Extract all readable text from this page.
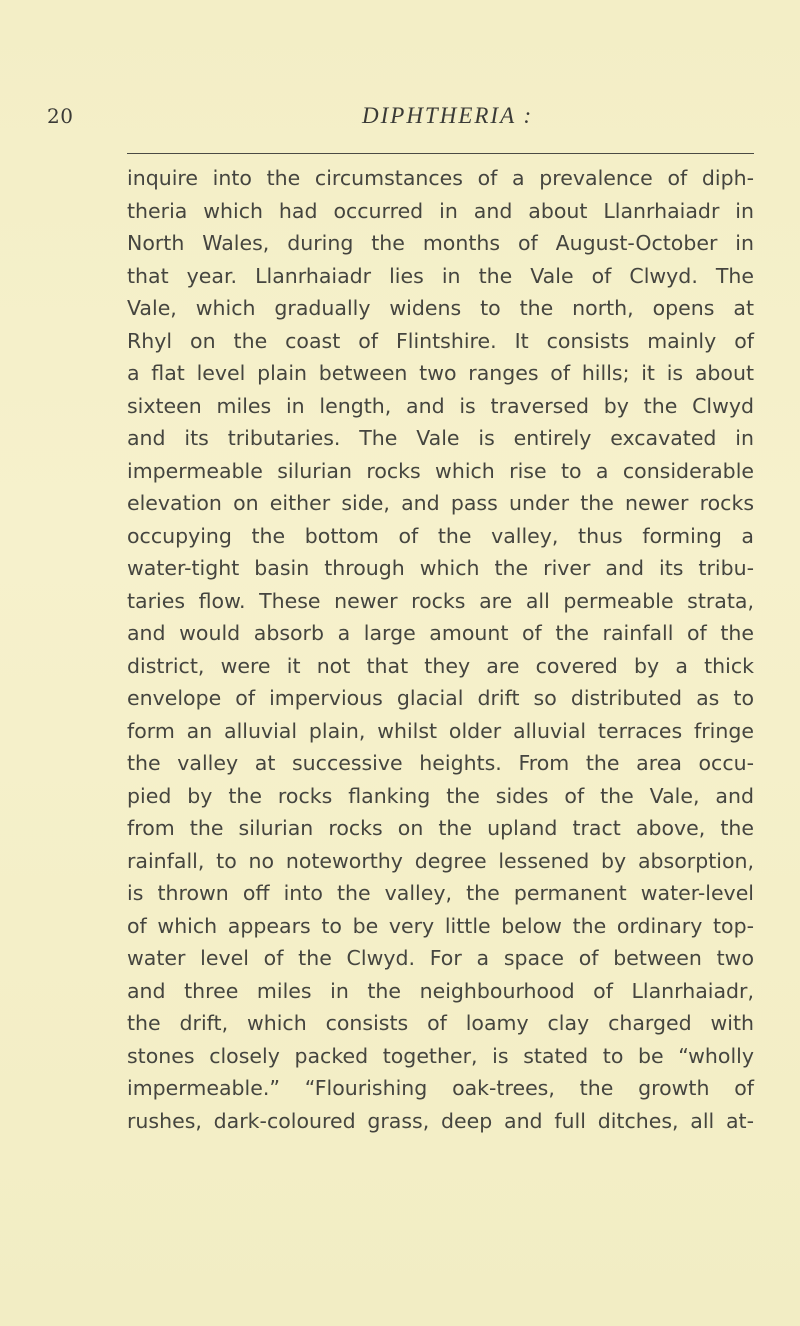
20	DIPHTHERIA :
inquire into the circumstances of a prevalence of diph-
theria which had occurred in and about Llanrhaiadr in
North Wales, during the months of August-October in
that year. Llanrhaiadr lies in the Vale of Clwyd. The
Vale, which gradually widens to the north, opens at
Rhyl on the coast of Flintshire. It consists mainly of
a flat level plain between two ranges of hills; it is about
sixteen miles in length, and is traversed by the Clwyd
and its tributaries. The Vale is entirely excavated in
impermeable silurian rocks which rise to a considerable
elevation on either side, and pass under the newer rocks
occupying the bottom of the valley, thus forming a
water-tight basin through which the river and its tribu-
taries flow. These newer rocks are all permeable strata,
and would absorb a large amount of the rainfall of the
district, were it not that they are covered by a thick
envelope of impervious glacial drift so distributed as to
form an alluvial plain, whilst older alluvial terraces fringe
the valley at successive heights. From the area occu-
pied by the rocks flanking the sides of the Vale, and
from the silurian rocks on the upland tract above, the
rainfall, to no noteworthy degree lessened by absorption,
is thrown off into the valley, the permanent water-level
of which appears to be very little below the ordinary top-
water level of the Clwyd. For a space of between two
and three miles in the neighbourhood of Llanrhaiadr,
the drift, which consists of loamy clay charged with
stones closely packed together, is stated to be “wholly
impermeable.” “Flourishing oak-trees, the growth of
rushes, dark-coloured grass, deep and full ditches, all at-
